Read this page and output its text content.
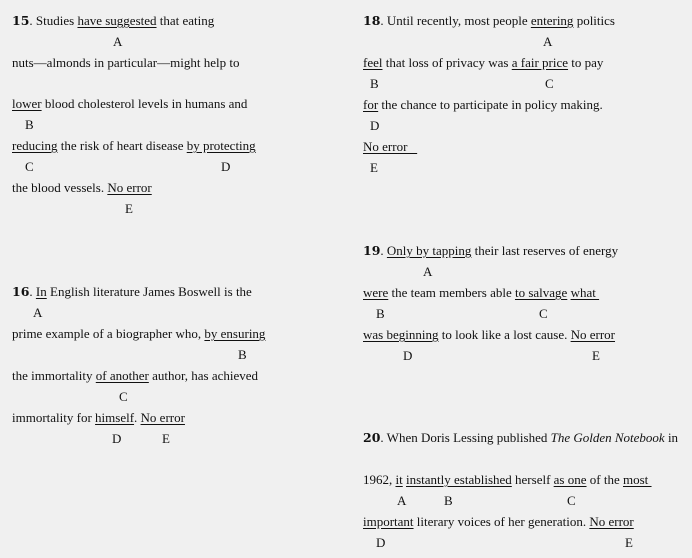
15. Studies have suggested that eating
A
nuts—almonds in particular—might help to
lower blood cholesterol levels in humans and
B
reducing the risk of heart disease by protecting
C	D
the blood vessels. No error
E
16. In English literature James Boswell is the
A
prime example of a biographer who, by ensuring
B
the immortality of another author, has achieved
C
immortality for himself. No error
D	E
18. Until recently, most people entering politics
A
feel that loss of privacy was a fair price to pay
B	C
for the chance to participate in policy making.
D
No error
E
19. Only by tapping their last reserves of energy
A
were the team members able to salvage what
B	C
was beginning to look like a lost cause. No error
D	E
20. When Doris Lessing published The Golden Notebook in
1962, it instantly established herself as one of the most
A	B	C
important literary voices of her generation. No error
D	E
